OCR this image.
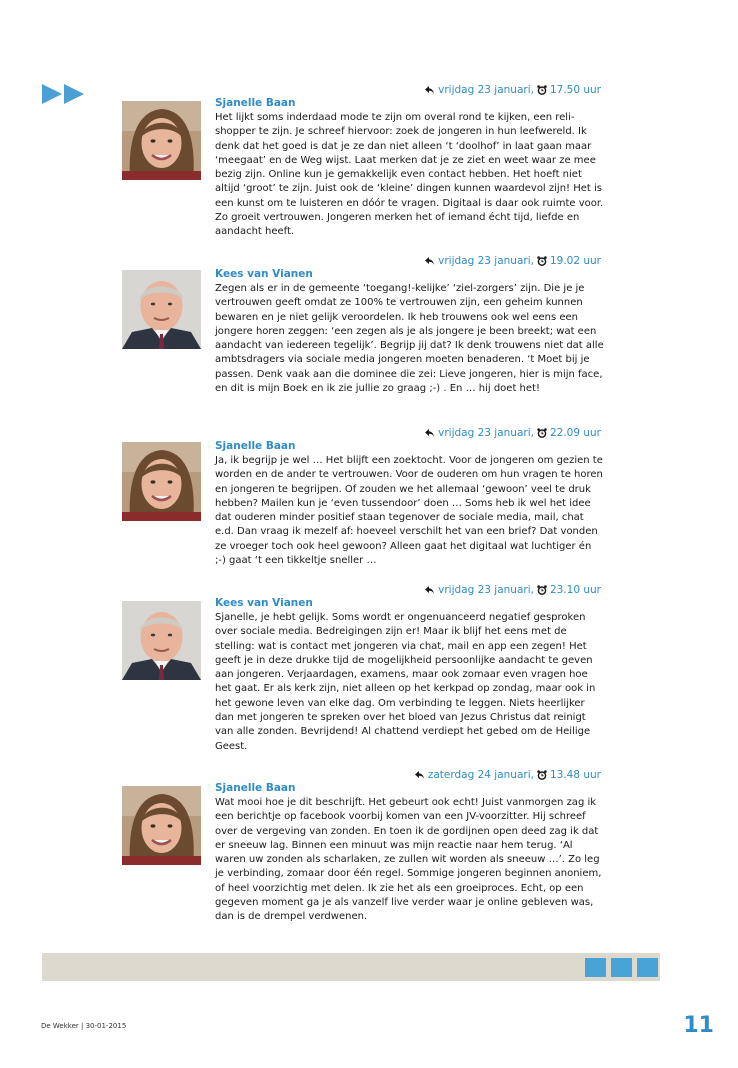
vrijdag 23 januari, 17.50 uur
Sjanelle Baan

Het lijkt soms inderdaad mode te zijn om overal rond te kijken, een reli-shopper te zijn. Je schreef hiervoor: zoek de jongeren in hun leefwereld. Ik denk dat het goed is dat je ze dan niet alleen ‘t ‘doolhof’ in laat gaan maar ‘meegaat’ en de Weg wijst. Laat merken dat je ze ziet en weet waar ze mee bezig zijn. Online kun je gemakkelijk even contact hebben. Het hoeft niet altijd ‘groot’ te zijn. Juist ook de ‘kleine’ dingen kunnen waardevol zijn! Het is een kunst om te luisteren en dóór te vragen. Digitaal is daar ook ruimte voor. Zo groeit vertrouwen. Jongeren merken het of iemand écht tijd, liefde en aandacht heeft.

vrijdag 23 januari, 19.02 uur
Kees van Vianen

Zegen als er in de gemeente ‘toegang!-kelijke’ ‘ziel-zorgers’ zijn. Die je je vertrouwen geeft omdat ze 100% te vertrouwen zijn, een geheim kunnen bewaren en je niet gelijk veroordelen. Ik heb trouwens ook wel eens een jongere horen zeggen: ‘een zegen als je als jongere je been breekt; wat een aandacht van iedereen tegelijk’. Begrijp jij dat? Ik denk trouwens niet dat alle ambtsdragers via sociale media jongeren moeten benaderen. ‘t Moet bij je passen. Denk vaak aan die dominee die zei: Lieve jongeren, hier is mijn face, en dit is mijn Boek en ik zie jullie zo graag ;-) . En … hij doet het!

vrijdag 23 januari, 22.09 uur
Sjanelle Baan

Ja, ik begrijp je wel … Het blijft een zoektocht. Voor de jongeren om gezien te worden en de ander te vertrouwen. Voor de ouderen om hun vragen te horen en jongeren te begrijpen. Of zouden we het allemaal ‘gewoon’ veel te druk hebben? Mailen kun je ‘even tussendoor’ doen … Soms heb ik wel het idee dat ouderen minder positief staan tegenover de sociale media, mail, chat e.d. Dan vraag ik mezelf af: hoeveel verschilt het van een brief? Dat vonden ze vroeger toch ook heel gewoon? Alleen gaat het digitaal wat luchtiger én ;-) gaat ‘t een tikkeltje sneller …

vrijdag 23 januari, 23.10 uur
Kees van Vianen

Sjanelle, je hebt gelijk. Soms wordt er ongenuanceerd negatief gesproken over sociale media. Bedreigingen zijn er! Maar ik blijf het eens met de stelling: wat is contact met jongeren via chat, mail en app een zegen! Het geeft je in deze drukke tijd de mogelijkheid persoonlijke aandacht te geven aan jongeren. Verjaardagen, examens, maar ook zomaar even vragen hoe het gaat. Er als kerk zijn, niet alleen op het kerkpad op zondag, maar ook in het gewone leven van elke dag. Om verbinding te leggen. Niets heerlijker dan met jongeren te spreken over het bloed van Jezus Christus dat reinigt van alle zonden. Bevrijdend! Al chattend verdiept het gebed om de Heilige Geest.

zaterdag 24 januari, 13.48 uur
Sjanelle Baan

Wat mooi hoe je dit beschrijft. Het gebeurt ook echt! Juist vanmorgen zag ik een berichtje op facebook voorbij komen van een JV-voorzitter. Hij schreef over de vergeving van zonden. En toen ik de gordijnen open deed zag ik dat er sneeuw lag. Binnen een minuut was mijn reactie naar hem terug. ‘Al waren uw zonden als scharlaken, ze zullen wit worden als sneeuw …’. Zo leg je verbinding, zomaar door één regel. Sommige jongeren beginnen anoniem, of heel voorzichtig met delen. Ik zie het als een groeiproces. Echt, op een gegeven moment ga je als vanzelf live verder waar je online gebleven was, dan is de drempel verdwenen.

De Wekker | 30-01-2015	11
